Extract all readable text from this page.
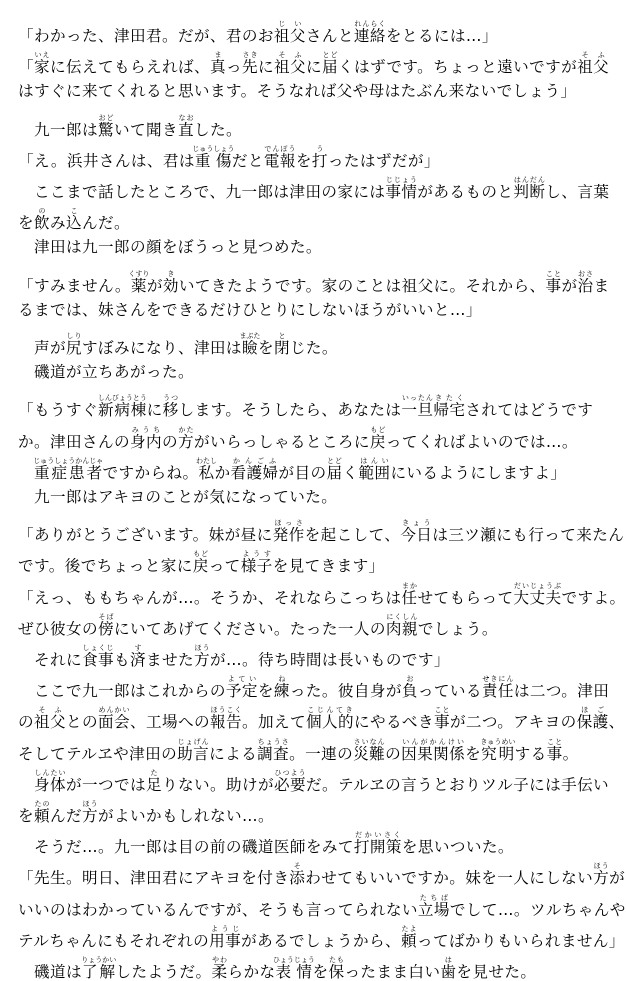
「わかった、津田君。だが、君のお祖父じいさんと連絡れんらくをとるには…」
「家いえに伝えてもらえれば、真まっ先さきに祖父そふに届とどくはずです。ちょっと遠いですが祖父そふ
はすぐに来てくれると思います。そうなれば父や母はたぶん来ないでしょう」
　九一郎は驚おどいて聞き直なおした。
「え。浜井さんは、君は重傷じゅうしょうだと電報でんぽうを打うったはずだが」
　ここまで話したところで、九一郎は津田の家には事情じじょうがあるものと判断はんだんし、言葉
を飲のみ込こんだ。
　津田は九一郎の顔をぼうっと見つめた。
「すみません。薬くすりが効きいてきたようです。家のことは祖父に。それから、事ことが治おさま
るまでは、妹さんをできるだけひとりにしないほうがいいと…」
　声が尻しりすぼみになり、津田は瞼まぶたを閉とじた。
　磯道が立ちあがった。
「もうすぐ新病棟しんびょうとうに移うつします。そうしたら、あなたは一旦いったん帰宅きたくされてはどうです
か。津田さんの身内みうちの方かたがいらっしゃるところに戻もどってくればよいのでは…。
　重症患者じゅうしょうかんじゃですからね。私わたしか看護婦かんごふが目の届とどく範囲はんいにいるようにしますよ」
　九一郎はアキヨのことが気になっていた。
「ありがとうございます。妹が昼に発作ほっさを起こして、今日きょうは三ツ瀬にも行って来たん
です。後でちょっと家に戻もどって様子ようすを見てきます」
「えっ、ももちゃんが…。そうか、それならこっちは任まかせてもらって大丈夫だいじょうぶですよ。
ぜひ彼女の傍そばにいてあげてください。たった一人の肉親にくしんでしょう。
　それに食事しょくじも済すませた方ほうが…。待ち時間は長いものです」
　ここで九一郎はこれからの予定よていを練ねった。彼自身が負おっている責任せきにんは二つ。津田
の祖父そふとの面会めんかい、工場への報告ほうこく。加えて個人的こじんてきにやるべき事ことが二つ。アキヨの保護ほご、
そしてテルヱや津田の助言じょげんによる調査ちょうさ。一連の災難さいなんの因果関係いんがかんけいを究明きゅうめいする事こと。
　身体しんたいが一つでは足たりない。助けが必要ひつようだ。テルヱの言うとおりツル子には手伝い
を頼たのんだ方ほうがよいかもしれない…。
　そうだ…。九一郎は目の前の磯道医師をみて打開策だかいさくを思いついた。
「先生。明日、津田君にアキヨを付き添そわせてもいいですか。妹を一人にしない方ほうが
いいのはわかっているんですが、そうも言ってられない立場たちばでして…。ツルちゃんや
テルちゃんにもそれぞれの用事ようじがあるでしょうから、頼たよってばかりもいられません」
　磯道は了解りょうかいしたようだ。柔やわらかな表情ひょうじょうを保たもったまま白い歯はを見せた。
